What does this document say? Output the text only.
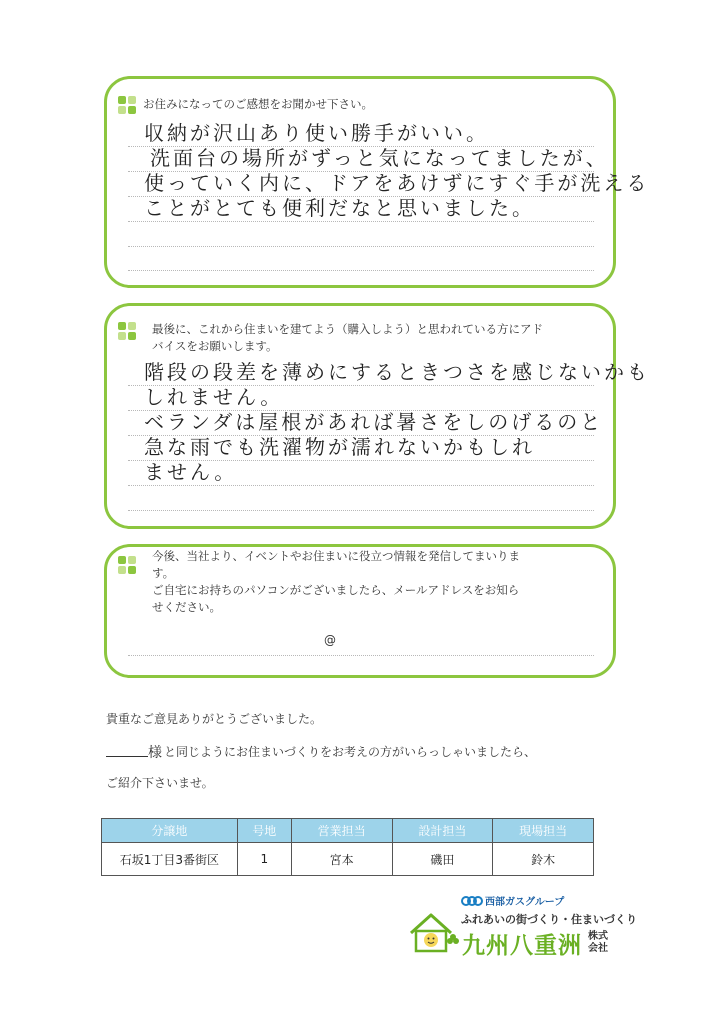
お住みになってのご感想をお聞かせ下さい。
収納が沢山あり使い勝手がいい。
洗面台の場所がずっと気になってましたが、
使っていく内に、ドアをあけずにすぐ手が洗える
ことがとても便利だなと思いました。
最後に、これから住まいを建てよう（購入しよう）と思われている方にアド
バイスをお願いします。
階段の段差を薄めにするときつさを感じないかも
しれません。
ベランダは屋根があれば暑さをしのげるのと
急な雨でも洗濯物が濡れないかもしれ
ません。
今後、当社より、イベントやお住まいに役立つ情報を発信してまいりま
す。
ご自宅にお持ちのパソコンがございましたら、メールアドレスをお知ら
せください。
@
貴重なご意見ありがとうございました。
様 と同じようにお住まいづくりをお考えの方がいらっしゃいましたら、
ご紹介下さいませ。
分譲地	号地	営業担当	設計担当	現場担当
石坂1丁目3番街区	1	宮本	磯田	鈴木
西部ガスグループ
ふれあいの街づくり・住まいづくり
九州八重洲 株式
会社
